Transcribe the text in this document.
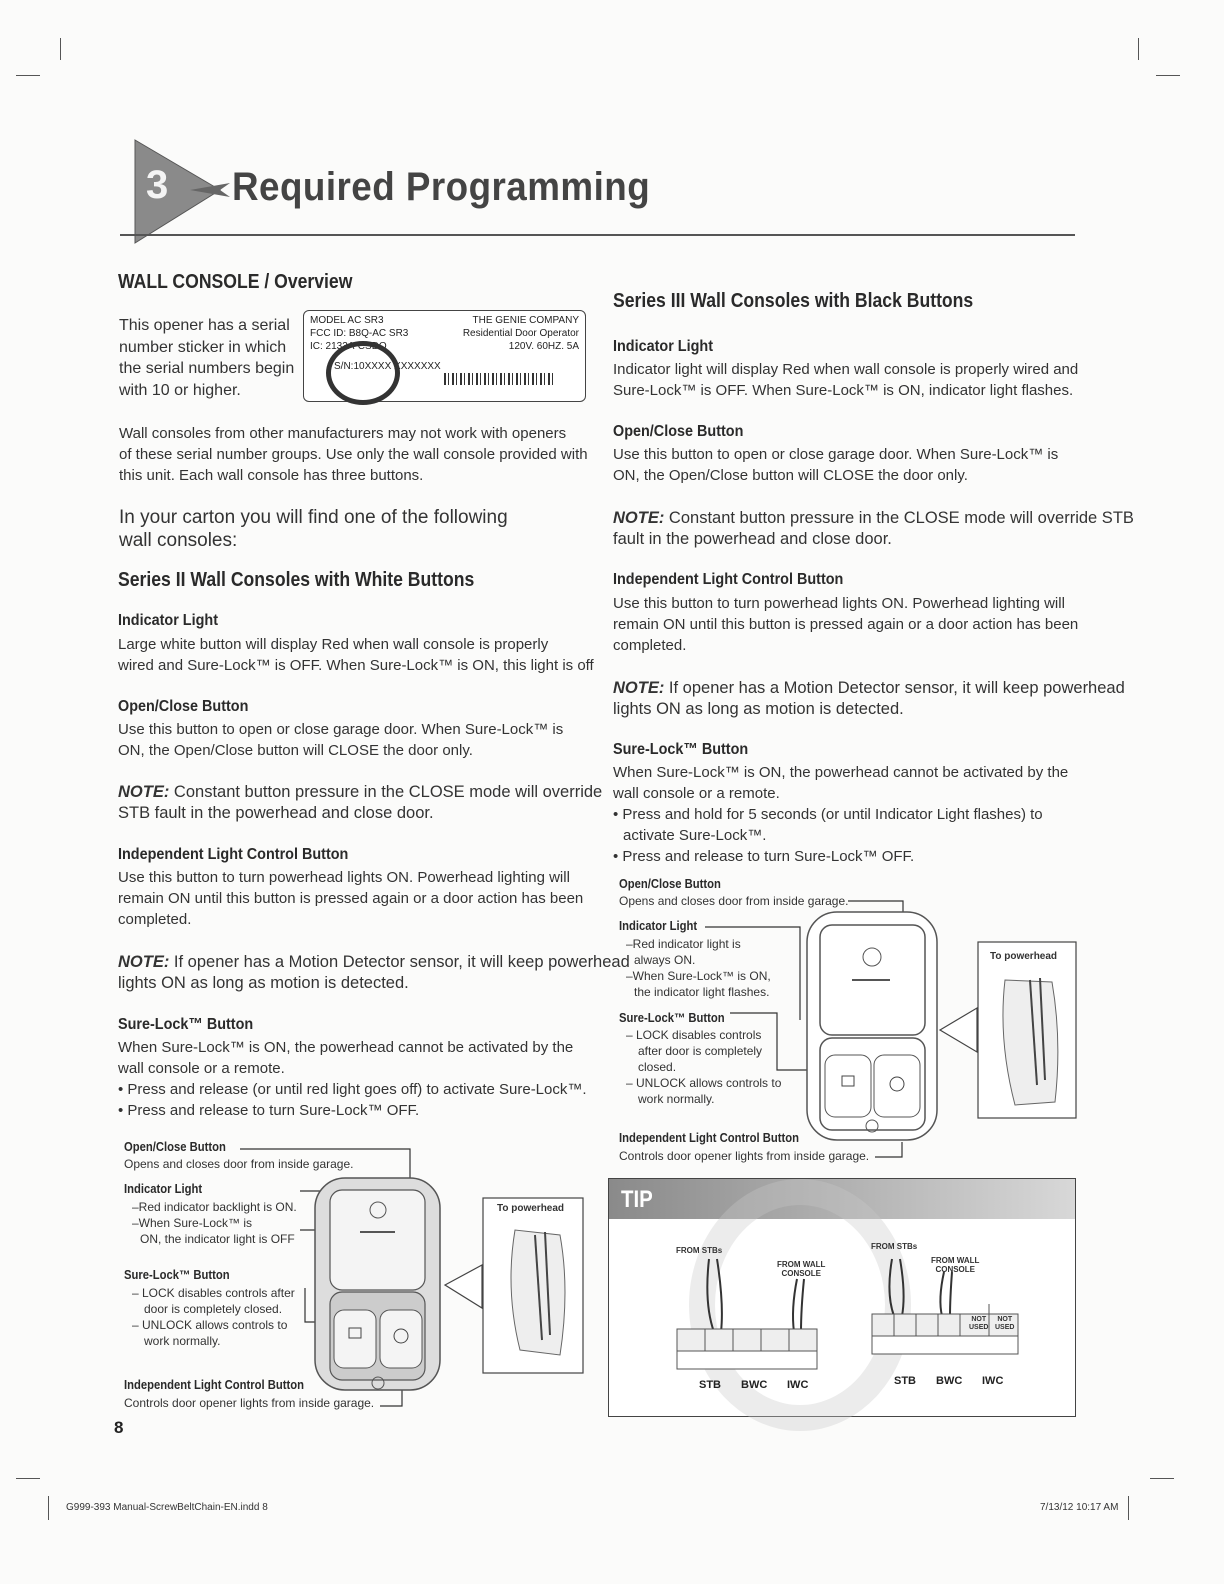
3 Required Programming
WALL CONSOLE / Overview
This opener has a serial
number sticker in which
the serial numbers begin
with 10 or higher.
MODEL AC SR3	THE GENIE COMPANY
FCC ID: B8Q-AC SR3	Residential Door Operator
IC: 2133A-CSDO	120V. 60HZ. 5A
S/N:10XXXX XXXXXXX
Wall consoles from other manufacturers may not work with openers
of these serial number groups. Use only the wall console provided with
this unit. Each wall console has three buttons.
In your carton you will find one of the following
wall consoles:
Series II Wall Consoles with White Buttons
Indicator Light
Large white button will display Red when wall console is properly
wired and Sure-Lock™ is OFF. When Sure-Lock™ is ON, this light is off
Open/Close Button
Use this button to open or close garage door. When Sure-Lock™ is
ON, the Open/Close button will CLOSE the door only.
NOTE: Constant button pressure in the CLOSE mode will override
STB fault in the powerhead and close door.
Independent Light Control Button
Use this button to turn powerhead lights ON. Powerhead lighting will
remain ON until this button is pressed again or a door action has been
completed.
NOTE: If opener has a Motion Detector sensor, it will keep powerhead
lights ON as long as motion is detected.
Sure-Lock™ Button
When Sure-Lock™ is ON, the powerhead cannot be activated by the
wall console or a remote.
• Press and release (or until red light goes off) to activate Sure-Lock™.
• Press and release to turn Sure-Lock™ OFF.
Open/Close Button
Opens and closes door from inside garage.
Indicator Light
–Red indicator backlight is ON.
–When Sure-Lock™ is
ON, the indicator light is OFF
Sure-Lock™ Button
– LOCK disables controls after
door is completely closed.
– UNLOCK allows controls to
work normally.
Independent Light Control Button
Controls door opener lights from inside garage.
To powerhead
8
Series III Wall Consoles with Black Buttons
Indicator Light
Indicator light will display Red when wall console is properly wired and
Sure-Lock™ is OFF. When Sure-Lock™ is ON, indicator light flashes.
Open/Close Button
Use this button to open or close garage door. When Sure-Lock™ is
ON, the Open/Close button will CLOSE the door only.
NOTE: Constant button pressure in the CLOSE mode will override STB
fault in the powerhead and close door.
Independent Light Control Button
Use this button to turn powerhead lights ON. Powerhead lighting will
remain ON until this button is pressed again or a door action has been
completed.
NOTE: If opener has a Motion Detector sensor, it will keep powerhead
lights ON as long as motion is detected.
Sure-Lock™ Button
When Sure-Lock™ is ON, the powerhead cannot be activated by the
wall console or a remote.
• Press and hold for 5 seconds (or until Indicator Light flashes) to
activate Sure-Lock™.
• Press and release to turn Sure-Lock™ OFF.
Open/Close Button
Opens and closes door from inside garage.
Indicator Light
–Red indicator light is
always ON.
–When Sure-Lock™ is ON,
the indicator light flashes.
Sure-Lock™ Button
– LOCK disables controls
after door is completely
closed.
– UNLOCK allows controls to
work normally.
Independent Light Control Button
Controls door opener lights from inside garage.
To powerhead
TIP
FROM STBs
FROM WALL
CONSOLE
STB BWC IWC
FROM STBs
FROM WALL
CONSOLE
NOT
USED
NOT
USED
STB BWC IWC
G999-393 Manual-ScrewBeltChain-EN.indd 8	7/13/12 10:17 AM
